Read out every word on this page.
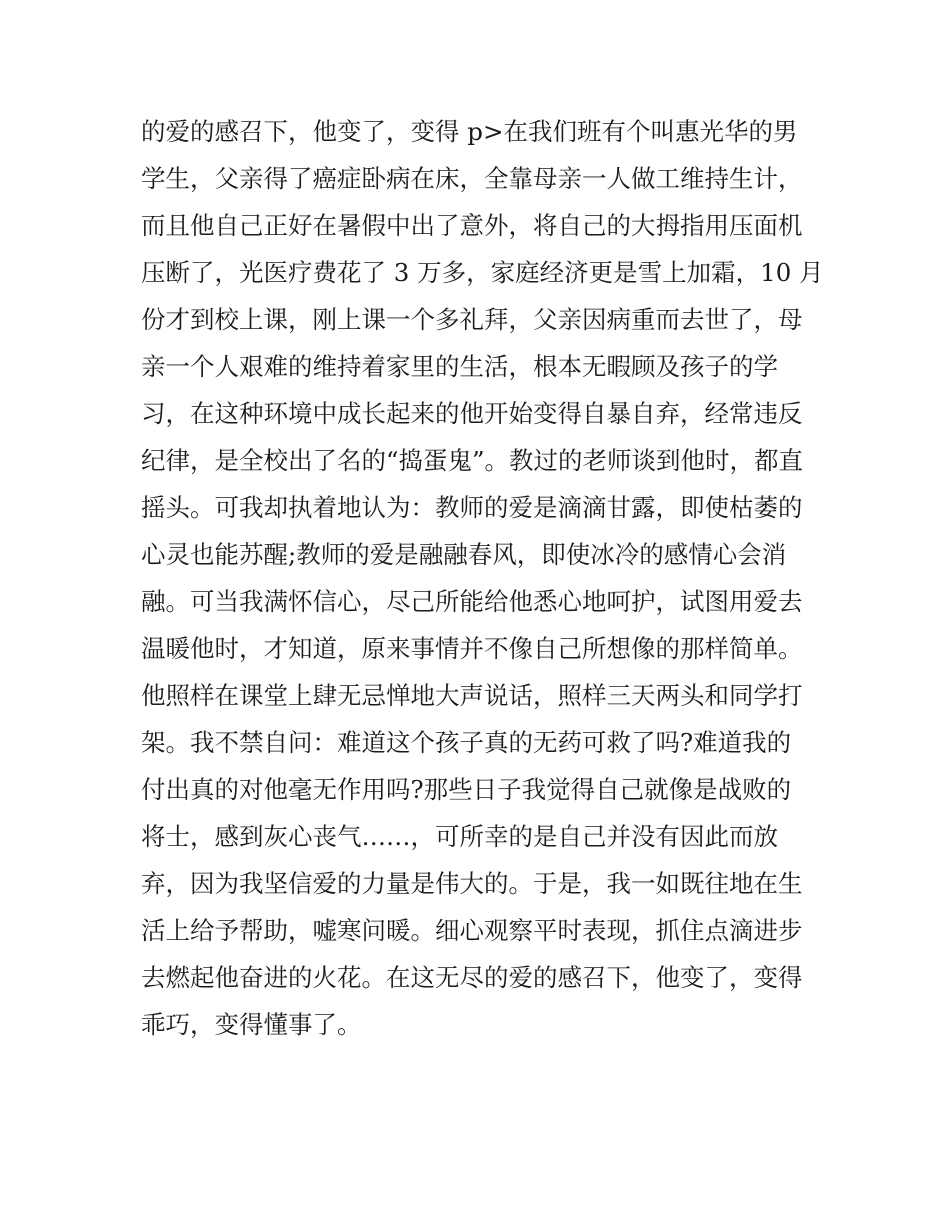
的爱的感召下，他变了，变得 p>在我们班有个叫惠光华的男
学生，父亲得了癌症卧病在床，全靠母亲一人做工维持生计，
而且他自己正好在暑假中出了意外，将自己的大拇指用压面机
压断了，光医疗费花了 3 万多，家庭经济更是雪上加霜，10 月
份才到校上课，刚上课一个多礼拜，父亲因病重而去世了，母
亲一个人艰难的维持着家里的生活，根本无暇顾及孩子的学
习，在这种环境中成长起来的他开始变得自暴自弃，经常违反
纪律，是全校出了名的“捣蛋鬼”。教过的老师谈到他时，都直
摇头。可我却执着地认为：教师的爱是滴滴甘露，即使枯萎的
心灵也能苏醒;教师的爱是融融春风，即使冰冷的感情心会消
融。可当我满怀信心，尽己所能给他悉心地呵护，试图用爱去
温暖他时，才知道，原来事情并不像自己所想像的那样简单。
他照样在课堂上肆无忌惮地大声说话，照样三天两头和同学打
架。我不禁自问：难道这个孩子真的无药可救了吗?难道我的
付出真的对他毫无作用吗?那些日子我觉得自己就像是战败的
将士，感到灰心丧气……，可所幸的是自己并没有因此而放
弃，因为我坚信爱的力量是伟大的。于是，我一如既往地在生
活上给予帮助，嘘寒问暖。细心观察平时表现，抓住点滴进步
去燃起他奋进的火花。在这无尽的爱的感召下，他变了，变得
乖巧，变得懂事了。
